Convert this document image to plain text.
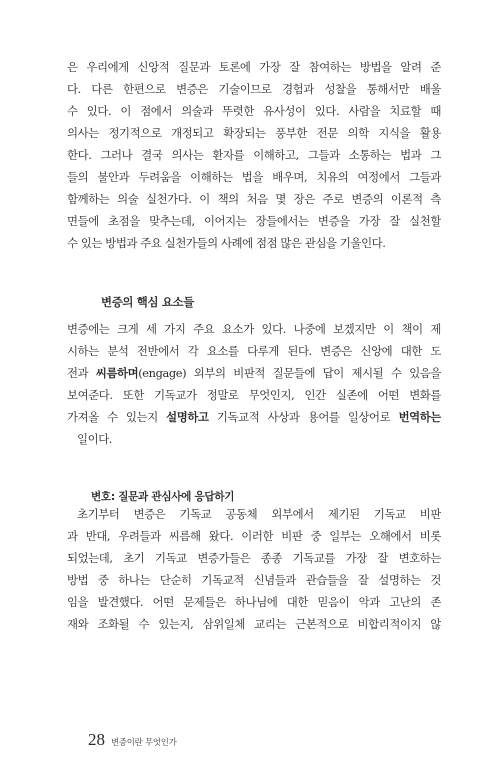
은 우리에게 신앙적 질문과 토론에 가장 잘 참여하는 방법을 알려 준
다. 다른 한편으로 변증은 기술이므로 경험과 성찰을 통해서만 배울
수 있다. 이 점에서 의술과 뚜렷한 유사성이 있다. 사람을 치료할 때
의사는 정기적으로 개정되고 확장되는 풍부한 전문 의학 지식을 활용
한다. 그러나 결국 의사는 환자를 이해하고, 그들과 소통하는 법과 그
들의 불안과 두려움을 이해하는 법을 배우며, 치유의 여정에서 그들과
함께하는 의술 실천가다. 이 책의 처음 몇 장은 주로 변증의 이론적 측
면들에 초점을 맞추는데, 이어지는 장들에서는 변증을 가장 잘 실천할
수 있는 방법과 주요 실천가들의 사례에 점점 많은 관심을 기울인다.
변증의 핵심 요소들
변증에는 크게 세 가지 주요 요소가 있다. 나중에 보겠지만 이 책이 제
시하는 분석 전반에서 각 요소를 다루게 된다. 변증은 신앙에 대한 도
전과 씨름하며(engage) 외부의 비판적 질문들에 답이 제시될 수 있음을
보여준다. 또한 기독교가 정말로 무엇인지, 인간 실존에 어떤 변화를
가져올 수 있는지 설명하고 기독교적 사상과 용어를 일상어로 번역하는
일이다.
변호: 질문과 관심사에 응답하기
초기부터 변증은 기독교 공동체 외부에서 제기된 기독교 비판
과 반대, 우려들과 씨름해 왔다. 이러한 비판 중 일부는 오해에서 비롯
되었는데, 초기 기독교 변증가들은 종종 기독교를 가장 잘 변호하는
방법 중 하나는 단순히 기독교적 신념들과 관습들을 잘 설명하는 것
임을 발견했다. 어떤 문제들은 하나님에 대한 믿음이 악과 고난의 존
재와 조화될 수 있는지, 삼위일체 교리는 근본적으로 비합리적이지 않
28 변증이란 무엇인가
